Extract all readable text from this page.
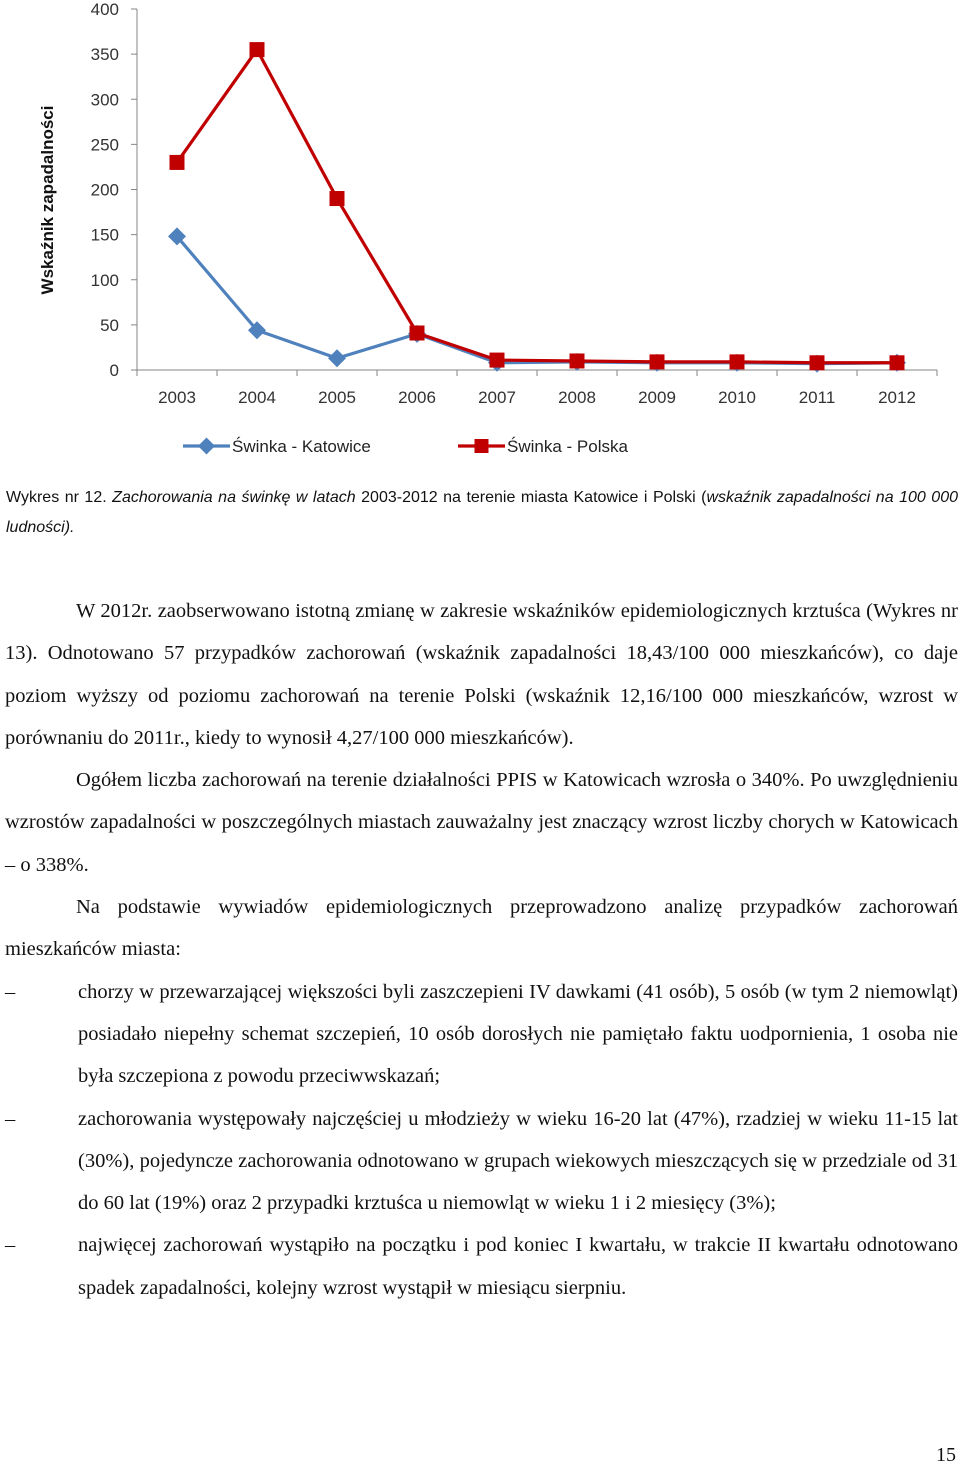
Wskaźnik zapadalności
0
50
100
150
200
250
300
350
400
2003 2004 2005 2006 2007 2008 2009 2010	2011	2012
Świnka - Katowice	Świnka - Polska
Wykres nr 12. Zachorowania na świnkę w latach 2003-2012 na terenie miasta Katowice i Polski (wskaźnik zapadalności na 100 000 ludności).

W 2012r. zaobserwowano istotną zmianę w zakresie wskaźników epidemiologicznych krztuśca (Wykres nr 13). Odnotowano 57 przypadków zachorowań (wskaźnik zapadalności 18,43/100 000 mieszkańców), co daje poziom wyższy od poziomu zachorowań na terenie Polski (wskaźnik 12,16/100 000 mieszkańców, wzrost w porównaniu do 2011r., kiedy to wynosił 4,27/100 000 mieszkańców).

Ogółem liczba zachorowań na terenie działalności PPIS w Katowicach wzrosła o 340%. Po uwzględnieniu wzrostów zapadalności w poszczególnych miastach zauważalny jest znaczący wzrost liczby chorych w Katowicach – o 338%.

Na podstawie wywiadów epidemiologicznych przeprowadzono analizę przypadków zachorowań mieszkańców miasta:

–	chorzy w przewarzającej większości byli zaszczepieni IV dawkami (41 osób), 5 osób (w tym 2 niemowląt) posiadało niepełny schemat szczepień, 10 osób dorosłych nie pamiętało faktu uodpornienia, 1 osoba nie była szczepiona z powodu przeciwwskazań;
–	zachorowania występowały najczęściej u młodzieży w wieku 16-20 lat (47%), rzadziej w wieku 11-15 lat (30%), pojedyncze zachorowania odnotowano w grupach wiekowych mieszczących się w przedziale od 31 do 60 lat (19%) oraz 2 przypadki krztuśca u niemowląt w wieku 1 i 2 miesięcy (3%);
–	najwięcej zachorowań wystąpiło na początku i pod koniec I kwartału, w trakcie II kwartału odnotowano spadek zapadalności, kolejny wzrost wystąpił w miesiącu sierpniu.
15
